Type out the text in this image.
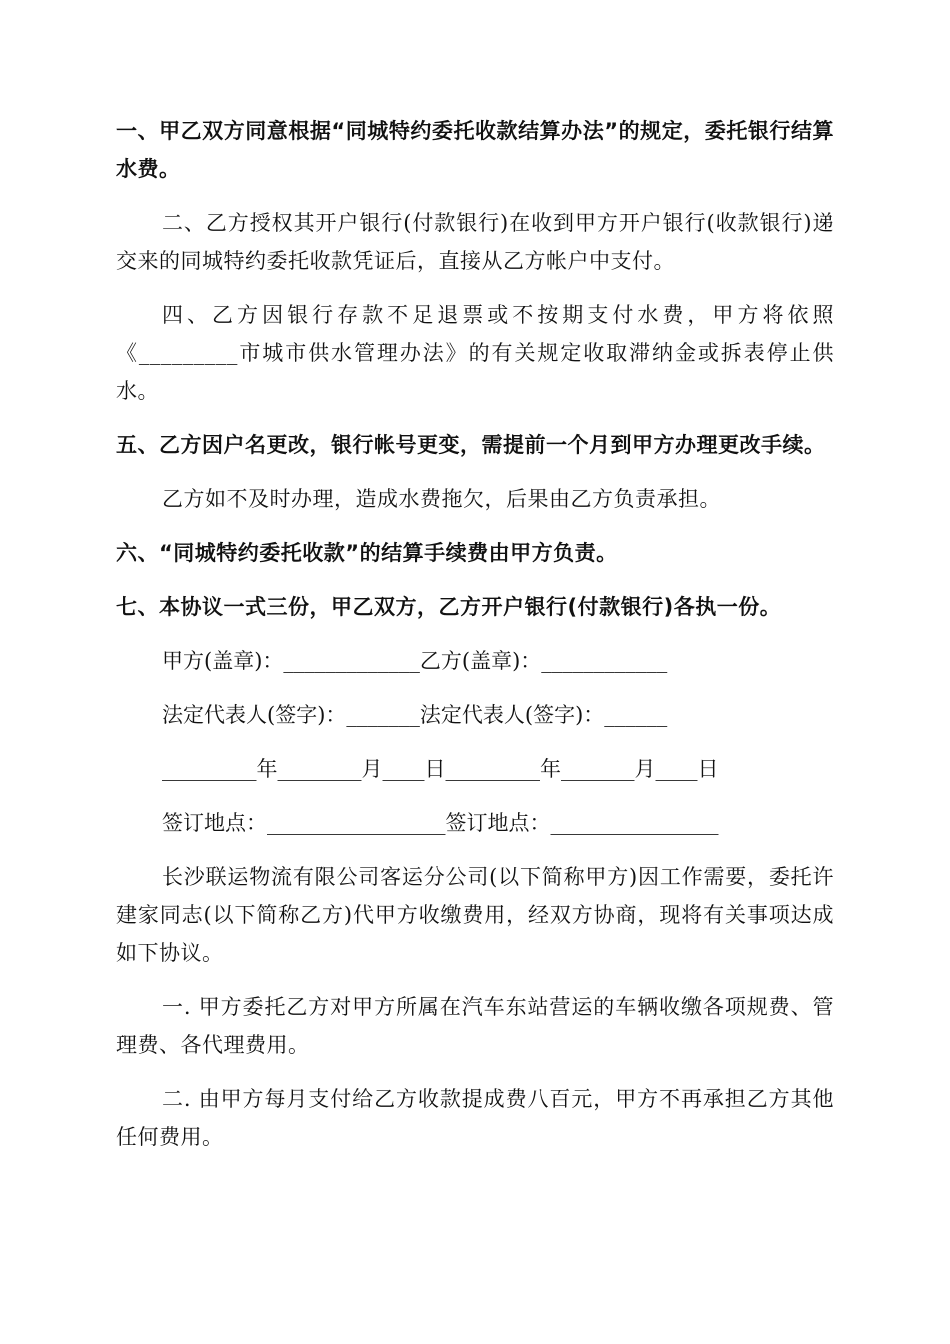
一、甲乙双方同意根据“同城特约委托收款结算办法”的规定，委托银行结算水费。

二、乙方授权其开户银行(付款银行)在收到甲方开户银行(收款银行)递交来的同城特约委托收款凭证后，直接从乙方帐户中支付。

四、乙方因银行存款不足退票或不按期支付水费，甲方将依照《_________市城市供水管理办法》的有关规定收取滞纳金或拆表停止供水。

五、乙方因户名更改，银行帐号更变，需提前一个月到甲方办理更改手续。

乙方如不及时办理，造成水费拖欠，后果由乙方负责承担。

六、“同城特约委托收款”的结算手续费由甲方负责。

七、本协议一式三份，甲乙双方，乙方开户银行(付款银行)各执一份。

甲方(盖章)：_____________乙方(盖章)：____________
法定代表人(签字)：_______法定代表人(签字)：______
_________年________月____日_________年_______月____日
签订地点：_________________签订地点：________________

长沙联运物流有限公司客运分公司(以下简称甲方)因工作需要，委托许建家同志(以下简称乙方)代甲方收缴费用，经双方协商，现将有关事项达成如下协议。

一. 甲方委托乙方对甲方所属在汽车东站营运的车辆收缴各项规费、管理费、各代理费用。

二. 由甲方每月支付给乙方收款提成费八百元，甲方不再承担乙方其他任何费用。
